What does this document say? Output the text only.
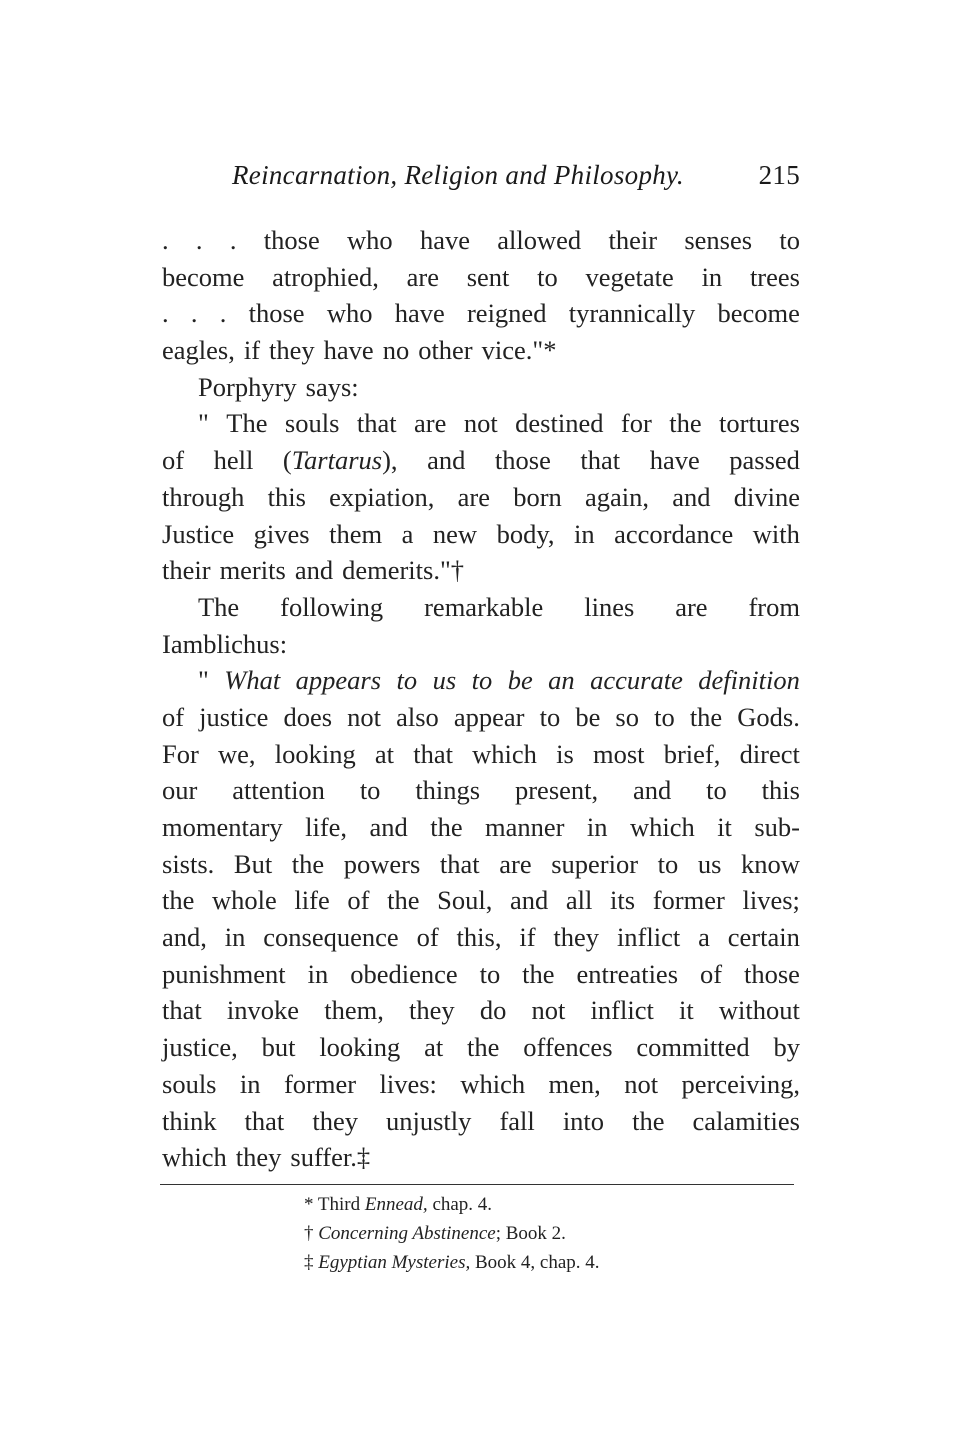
Reincarnation, Religion and Philosophy.	215
. . . those who have allowed their senses to
become atrophied, are sent to vegetate in trees
. . . those who have reigned tyrannically become
eagles, if they have no other vice."*
Porphyry says:
" The souls that are not destined for the tortures
of hell (Tartarus), and those that have passed
through this expiation, are born again, and divine
Justice gives them a new body, in accordance with
their merits and demerits."†
The following remarkable lines are from
Iamblichus:
" What appears to us to be an accurate definition
of justice does not also appear to be so to the Gods.
For we, looking at that which is most brief, direct
our attention to things present, and to this
momentary life, and the manner in which it sub-
sists. But the powers that are superior to us know
the whole life of the Soul, and all its former lives;
and, in consequence of this, if they inflict a certain
punishment in obedience to the entreaties of those
that invoke them, they do not inflict it without
justice, but looking at the offences committed by
souls in former lives: which men, not perceiving,
think that they unjustly fall into the calamities
which they suffer.‡
* Third Ennead, chap. 4.
† Concerning Abstinence; Book 2.
‡ Egyptian Mysteries, Book 4, chap. 4.
